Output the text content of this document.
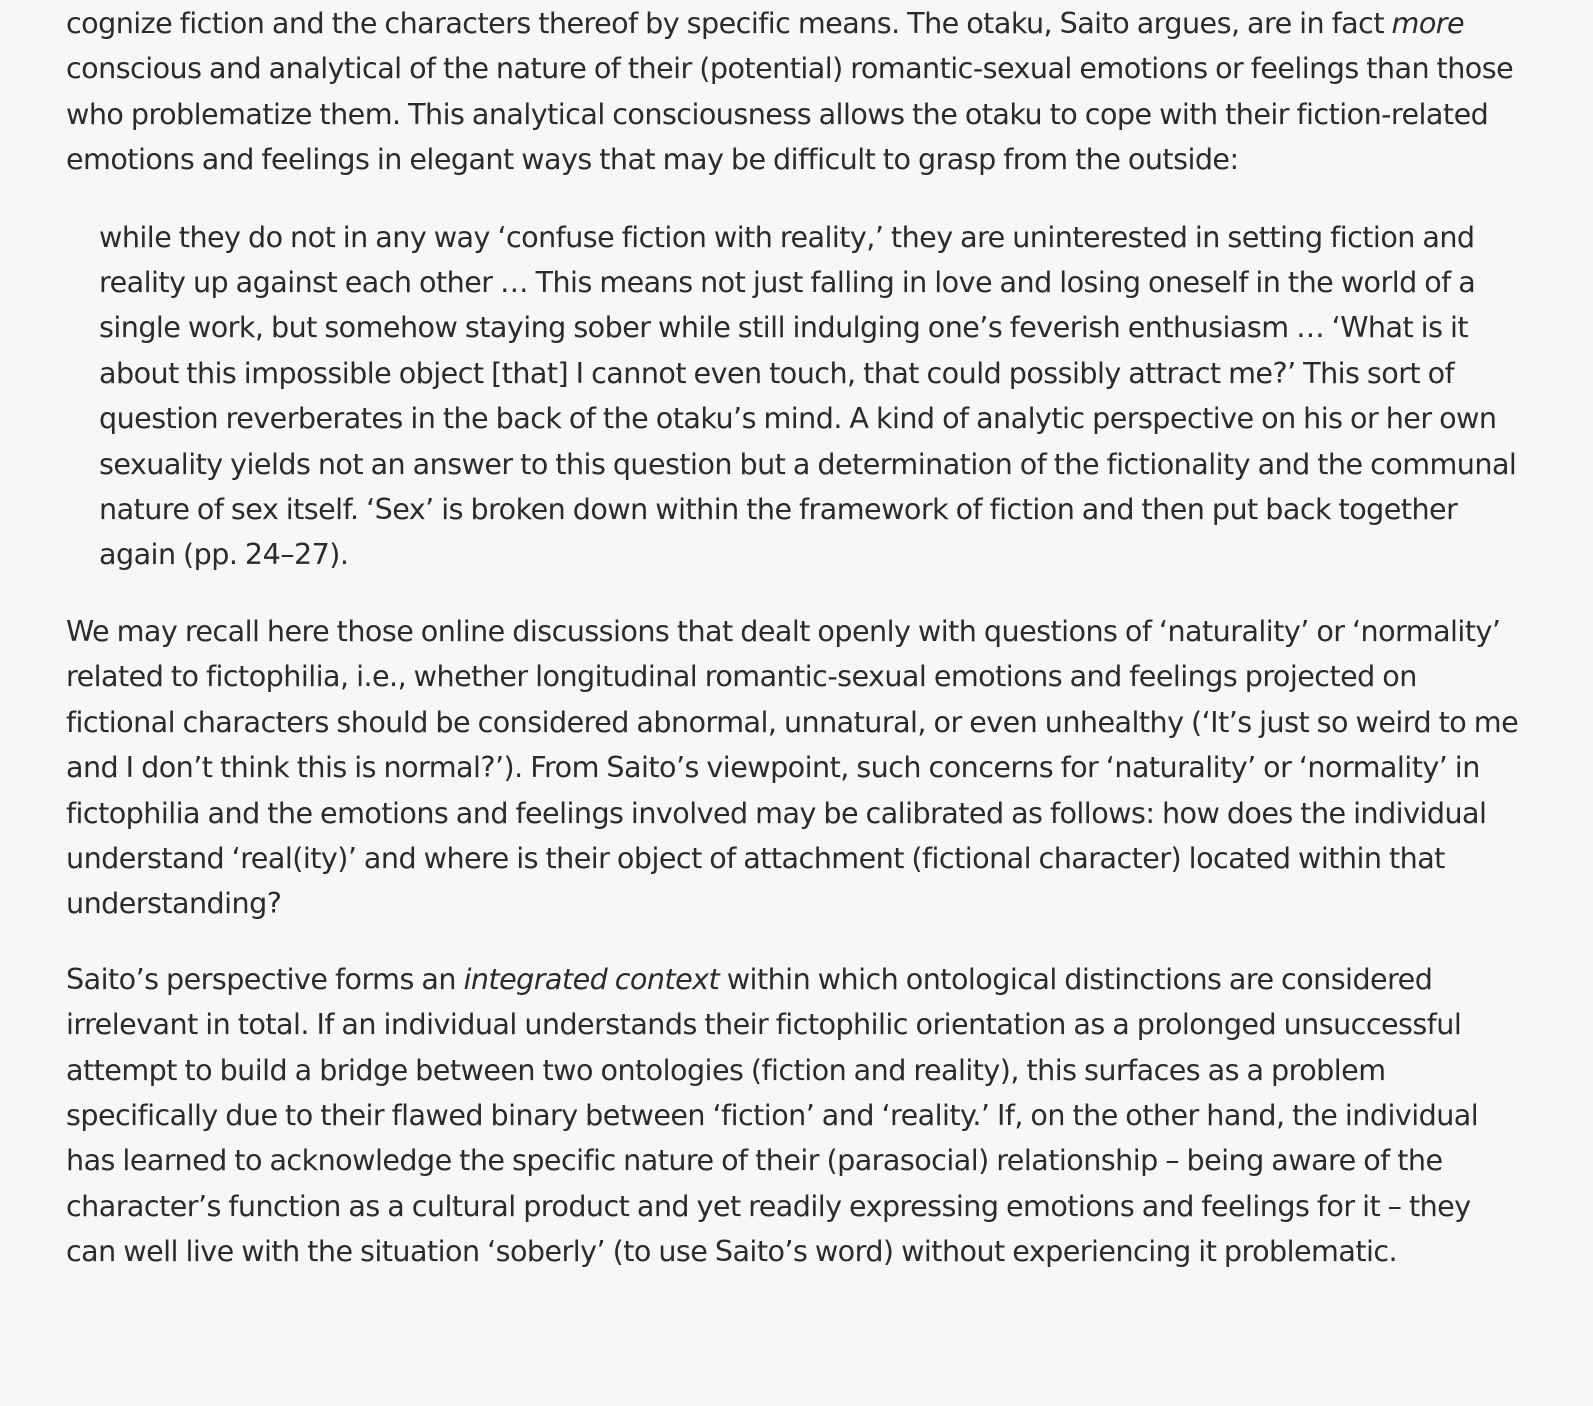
cognize fiction and the characters thereof by specific means. The otaku, Saito argues, are in fact more conscious and analytical of the nature of their (potential) romantic-sexual emotions or feelings than those who problematize them. This analytical consciousness allows the otaku to cope with their fiction-related emotions and feelings in elegant ways that may be difficult to grasp from the outside:

while they do not in any way ‘confuse fiction with reality,’ they are uninterested in setting fiction and reality up against each other … This means not just falling in love and losing oneself in the world of a single work, but somehow staying sober while still indulging one’s feverish enthusiasm … ‘What is it about this impossible object [that] I cannot even touch, that could possibly attract me?’ This sort of question reverberates in the back of the otaku’s mind. A kind of analytic perspective on his or her own sexuality yields not an answer to this question but a determination of the fictionality and the communal nature of sex itself. ‘Sex’ is broken down within the framework of fiction and then put back together again (pp. 24–27).

We may recall here those online discussions that dealt openly with questions of ‘naturality’ or ‘normality’ related to fictophilia, i.e., whether longitudinal romantic-sexual emotions and feelings projected on fictional characters should be considered abnormal, unnatural, or even unhealthy (‘It’s just so weird to me and I don’t think this is normal?’). From Saito’s viewpoint, such concerns for ‘naturality’ or ‘normality’ in fictophilia and the emotions and feelings involved may be calibrated as follows: how does the individual understand ‘real(ity)’ and where is their object of attachment (fictional character) located within that understanding?

Saito’s perspective forms an integrated context within which ontological distinctions are considered irrelevant in total. If an individual understands their fictophilic orientation as a prolonged unsuccessful attempt to build a bridge between two ontologies (fiction and reality), this surfaces as a problem specifically due to their flawed binary between ‘fiction’ and ‘reality.’ If, on the other hand, the individual has learned to acknowledge the specific nature of their (parasocial) relationship – being aware of the character’s function as a cultural product and yet readily expressing emotions and feelings for it – they can well live with the situation ‘soberly’ (to use Saito’s word) without experiencing it problematic.
